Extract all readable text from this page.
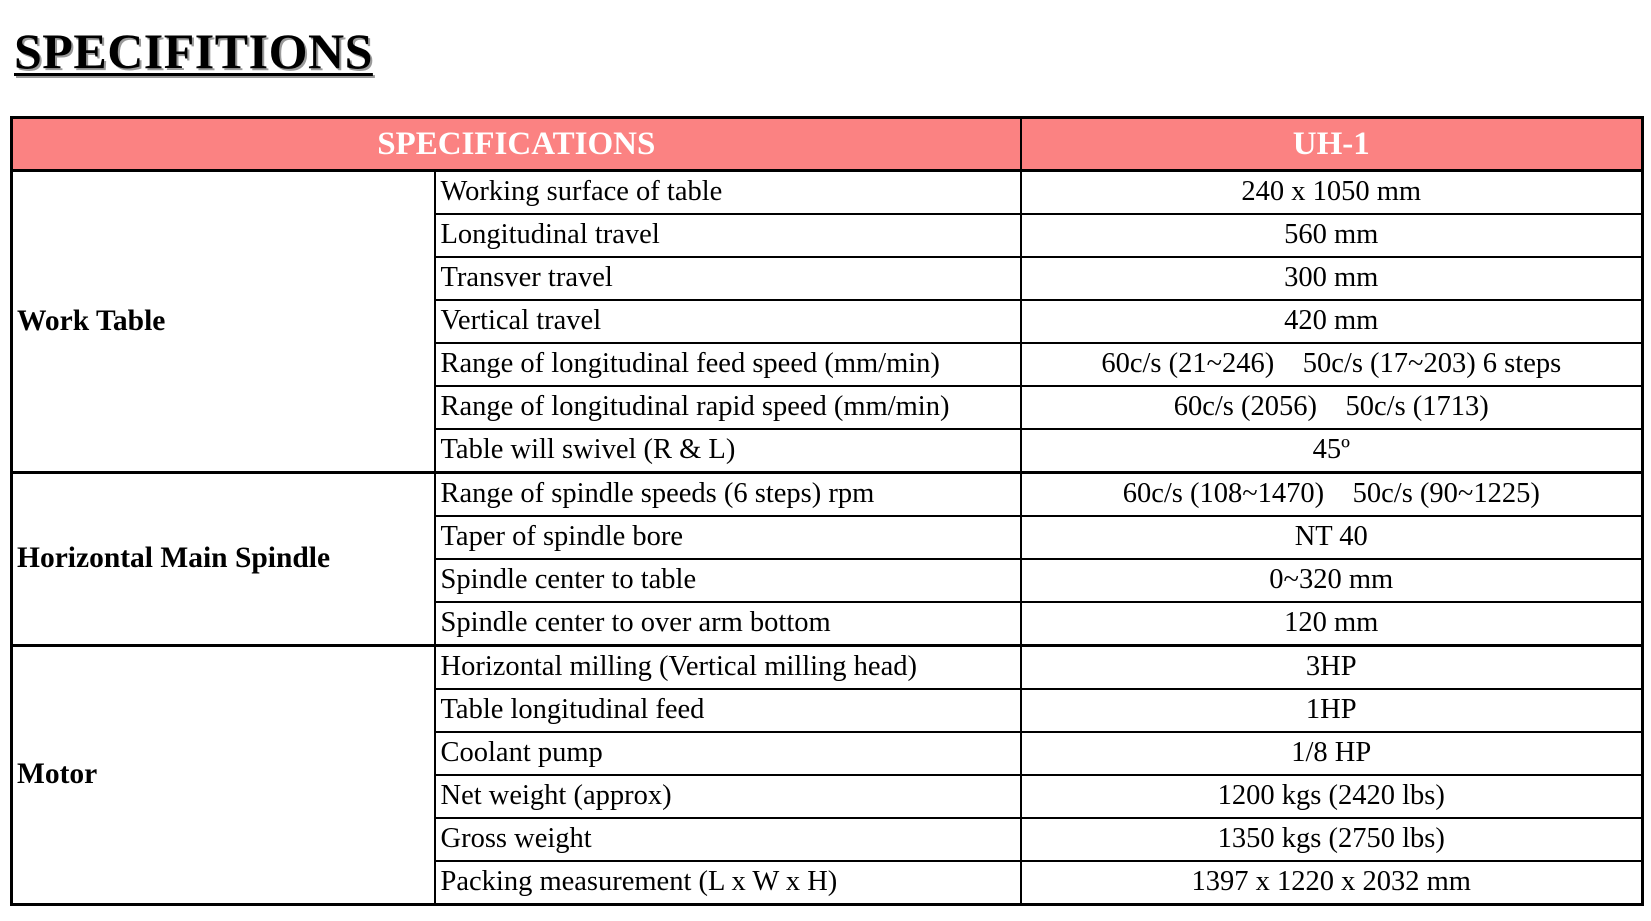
SPECIFITIONS
SPECIFICATIONS		UH-1
Work Table	Working surface of table	240 x 1050 mm
	Longitudinal travel	560 mm
	Transver travel	300 mm
	Vertical travel	420 mm
	Range of longitudinal feed speed (mm/min)	60c/s (21~246)    50c/s (17~203) 6 steps
	Range of longitudinal rapid speed (mm/min)	60c/s (2056)    50c/s (1713)
	Table will swivel (R & L)	45º
Horizontal Main Spindle	Range of spindle speeds (6 steps) rpm	60c/s (108~1470)    50c/s (90~1225)
	Taper of spindle bore	NT 40
	Spindle center to table	0~320 mm
	Spindle center to over arm bottom	120 mm
Motor	Horizontal milling (Vertical milling head)	3HP
	Table longitudinal feed	1HP
	Coolant pump	1/8 HP
	Net weight (approx)	1200 kgs (2420 lbs)
	Gross weight	1350 kgs (2750 lbs)
	Packing measurement (L x W x H)	1397 x 1220 x 2032 mm
